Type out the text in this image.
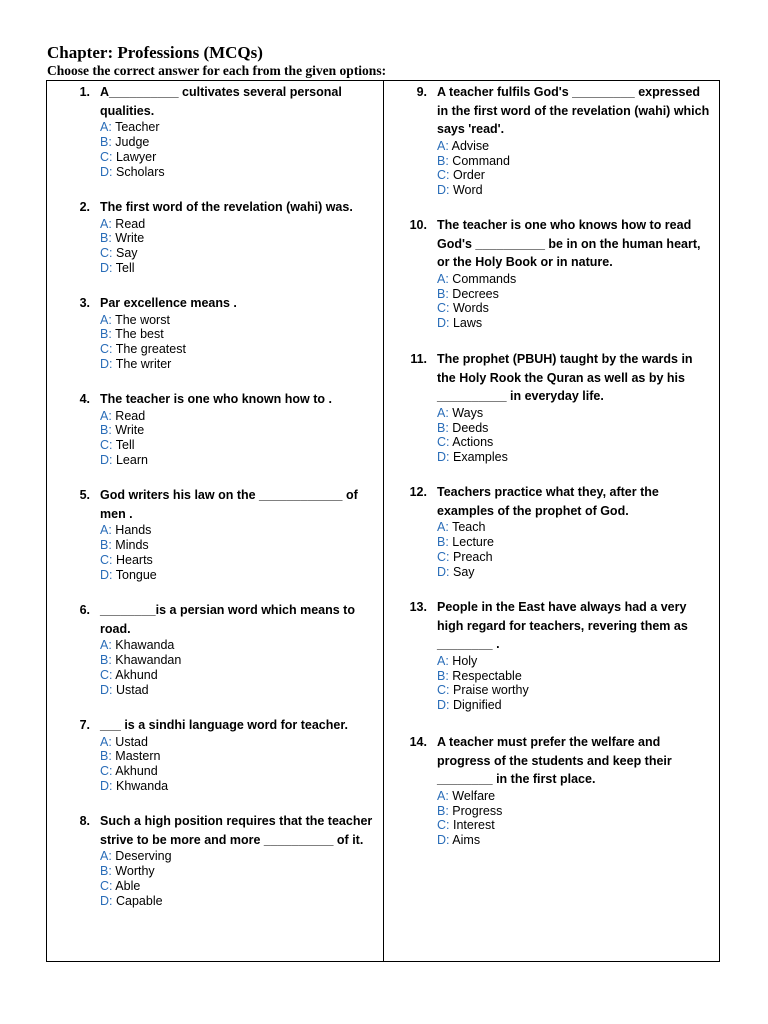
Chapter: Professions (MCQs)
Choose the correct answer for each from the given options:
1. A__________ cultivates several personal qualities.
A: Teacher
B: Judge
C: Lawyer
D: Scholars
2. The first word of the revelation (wahi) was.
A: Read
B: Write
C: Say
D: Tell
3. Par excellence means .
A: The worst
B: The best
C: The greatest
D: The writer
4. The teacher is one who known how to .
A: Read
B: Write
C: Tell
D: Learn
5. God writers his law on the ____________ of men .
A: Hands
B: Minds
C: Hearts
D: Tongue
6. ________is a persian word which means to road.
A: Khawanda
B: Khawandan
C: Akhund
D: Ustad
7. ___ is a sindhi language word for teacher.
A: Ustad
B: Mastern
C: Akhund
D: Khwanda
8. Such a high position requires that the teacher strive to be more and more __________ of it.
A: Deserving
B: Worthy
C: Able
D: Capable
9. A teacher fulfils God's _________ expressed in the first word of the revelation (wahi) which says 'read'.
A: Advise
B: Command
C: Order
D: Word
10. The teacher is one who knows how to read God's __________ be in on the human heart, or the Holy Book or in nature.
A: Commands
B: Decrees
C: Words
D: Laws
11. The prophet (PBUH) taught by the wards in the Holy Rook the Quran as well as by his __________ in everyday life.
A: Ways
B: Deeds
C: Actions
D: Examples
12. Teachers practice what they, after the examples of the prophet of God.
A: Teach
B: Lecture
C: Preach
D: Say
13. People in the East have always had a very high regard for teachers, revering them as ________ .
A: Holy
B: Respectable
C: Praise worthy
D: Dignified
14. A teacher must prefer the welfare and progress of the students and keep their ________ in the first place.
A: Welfare
B: Progress
C: Interest
D: Aims
